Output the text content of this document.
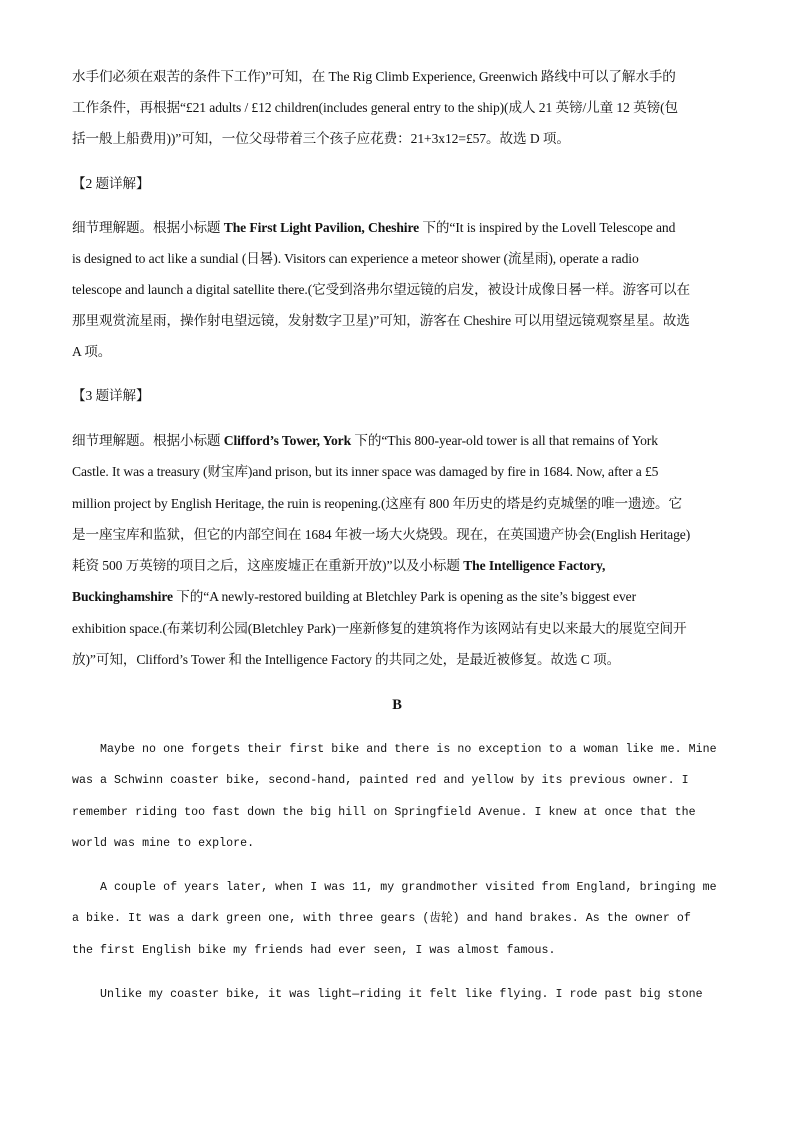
水手们必须在艰苦的条件下工作)”可知，在 The Rig Climb Experience, Greenwich 路线中可以了解水手的
工作条件，再根据“£21 adults / £12 children(includes general entry to the ship)(成人 21 英镑/儿童 12 英镑(包
括一般上船费用))”可知，一位父母带着三个孩子应花费：21+3x12=£57。故选 D 项。
【2 题详解】
细节理解题。根据小标题 The First Light Pavilion, Cheshire 下的“It is inspired by the Lovell Telescope and
is designed to act like a sundial (日晷). Visitors can experience a meteor shower (流星雨), operate a radio
telescope and launch a digital satellite there.(它受到洛弗尔望远镜的启发，被设计成像日晷一样。游客可以在
那里观赏流星雨，操作射电望远镜，发射数字卫星)”可知，游客在 Cheshire 可以用望远镜观察星星。故选
A 项。
【3 题详解】
细节理解题。根据小标题 Clifford’s Tower, York 下的“This 800-year-old tower is all that remains of York
Castle. It was a treasury (财宝库)and prison, but its inner space was damaged by fire in 1684. Now, after a £5
million project by English Heritage, the ruin is reopening.(这座有 800 年历史的塔是约克城堡的唯一遗迹。它
是一座宝库和监狱，但它的内部空间在 1684 年被一场大火烧毁。现在，在英国遗产协会(English Heritage)
耗资 500 万英镑的项目之后，这座废墟正在重新开放)”以及小标题 The Intelligence Factory,
Buckinghamshire 下的“A newly-restored building at Bletchley Park is opening as the site’s biggest ever
exhibition space.(布莱切利公园(Bletchley Park)一座新修复的建筑将作为该网站有史以来最大的展览空间开
放)”可知，Clifford’s Tower 和 the Intelligence Factory 的共同之处，是最近被修复。故选 C 项。
B
Maybe no one forgets their first bike and there is no exception to a woman like me. Mine
was a Schwinn coaster bike, second-hand, painted red and yellow by its previous owner. I
remember riding too fast down the big hill on Springfield Avenue. I knew at once that the
world was mine to explore.
A couple of years later, when I was 11, my grandmother visited from England, bringing me
a bike. It was a dark green one, with three gears (齿轮) and hand brakes. As the owner of
the first English bike my friends had ever seen, I was almost famous.
Unlike my coaster bike, it was light—riding it felt like flying. I rode past big stone
